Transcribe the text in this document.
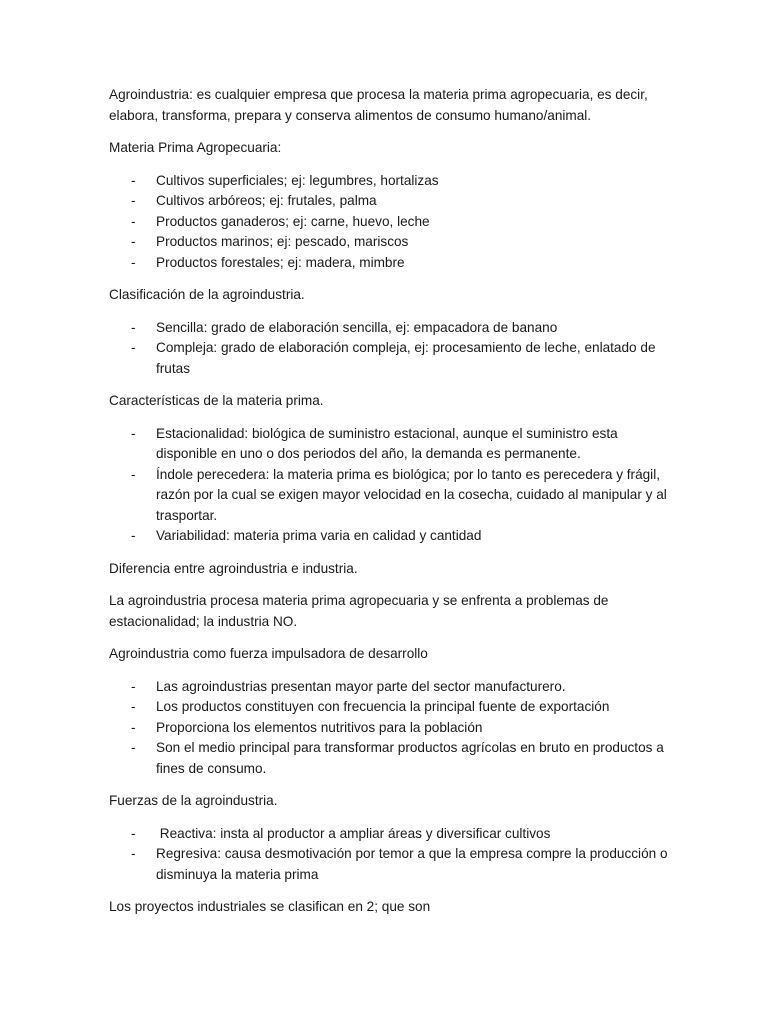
Agroindustria: es cualquier empresa que procesa la materia prima agropecuaria, es decir, elabora, transforma, prepara y conserva alimentos de consumo humano/animal.

Materia Prima Agropecuaria:

- Cultivos superficiales; ej: legumbres, hortalizas
- Cultivos arbóreos; ej: frutales, palma
- Productos ganaderos; ej: carne, huevo, leche
- Productos marinos; ej: pescado, mariscos
- Productos forestales; ej: madera, mimbre

Clasificación de la agroindustria.

- Sencilla: grado de elaboración sencilla, ej: empacadora de banano
- Compleja: grado de elaboración compleja, ej: procesamiento de leche, enlatado de frutas

Características de la materia prima.

- Estacionalidad: biológica de suministro estacional, aunque el suministro esta disponible en uno o dos periodos del año, la demanda es permanente.
- Índole perecedera: la materia prima es biológica; por lo tanto es perecedera y frágil, razón por la cual se exigen mayor velocidad en la cosecha, cuidado al manipular y al trasportar.
- Variabilidad: materia prima varia en calidad y cantidad

Diferencia entre agroindustria e industria.

La agroindustria procesa materia prima agropecuaria y se enfrenta a problemas de estacionalidad; la industria NO.

Agroindustria como fuerza impulsadora de desarrollo

- Las agroindustrias presentan mayor parte del sector manufacturero.
- Los productos constituyen con frecuencia la principal fuente de exportación
- Proporciona los elementos nutritivos para la población
- Son el medio principal para transformar productos agrícolas en bruto en productos a fines de consumo.

Fuerzas de la agroindustria.

- Reactiva: insta al productor a ampliar áreas y diversificar cultivos
- Regresiva: causa desmotivación por temor a que la empresa compre la producción o disminuya la materia prima

Los proyectos industriales se clasifican en 2; que son
